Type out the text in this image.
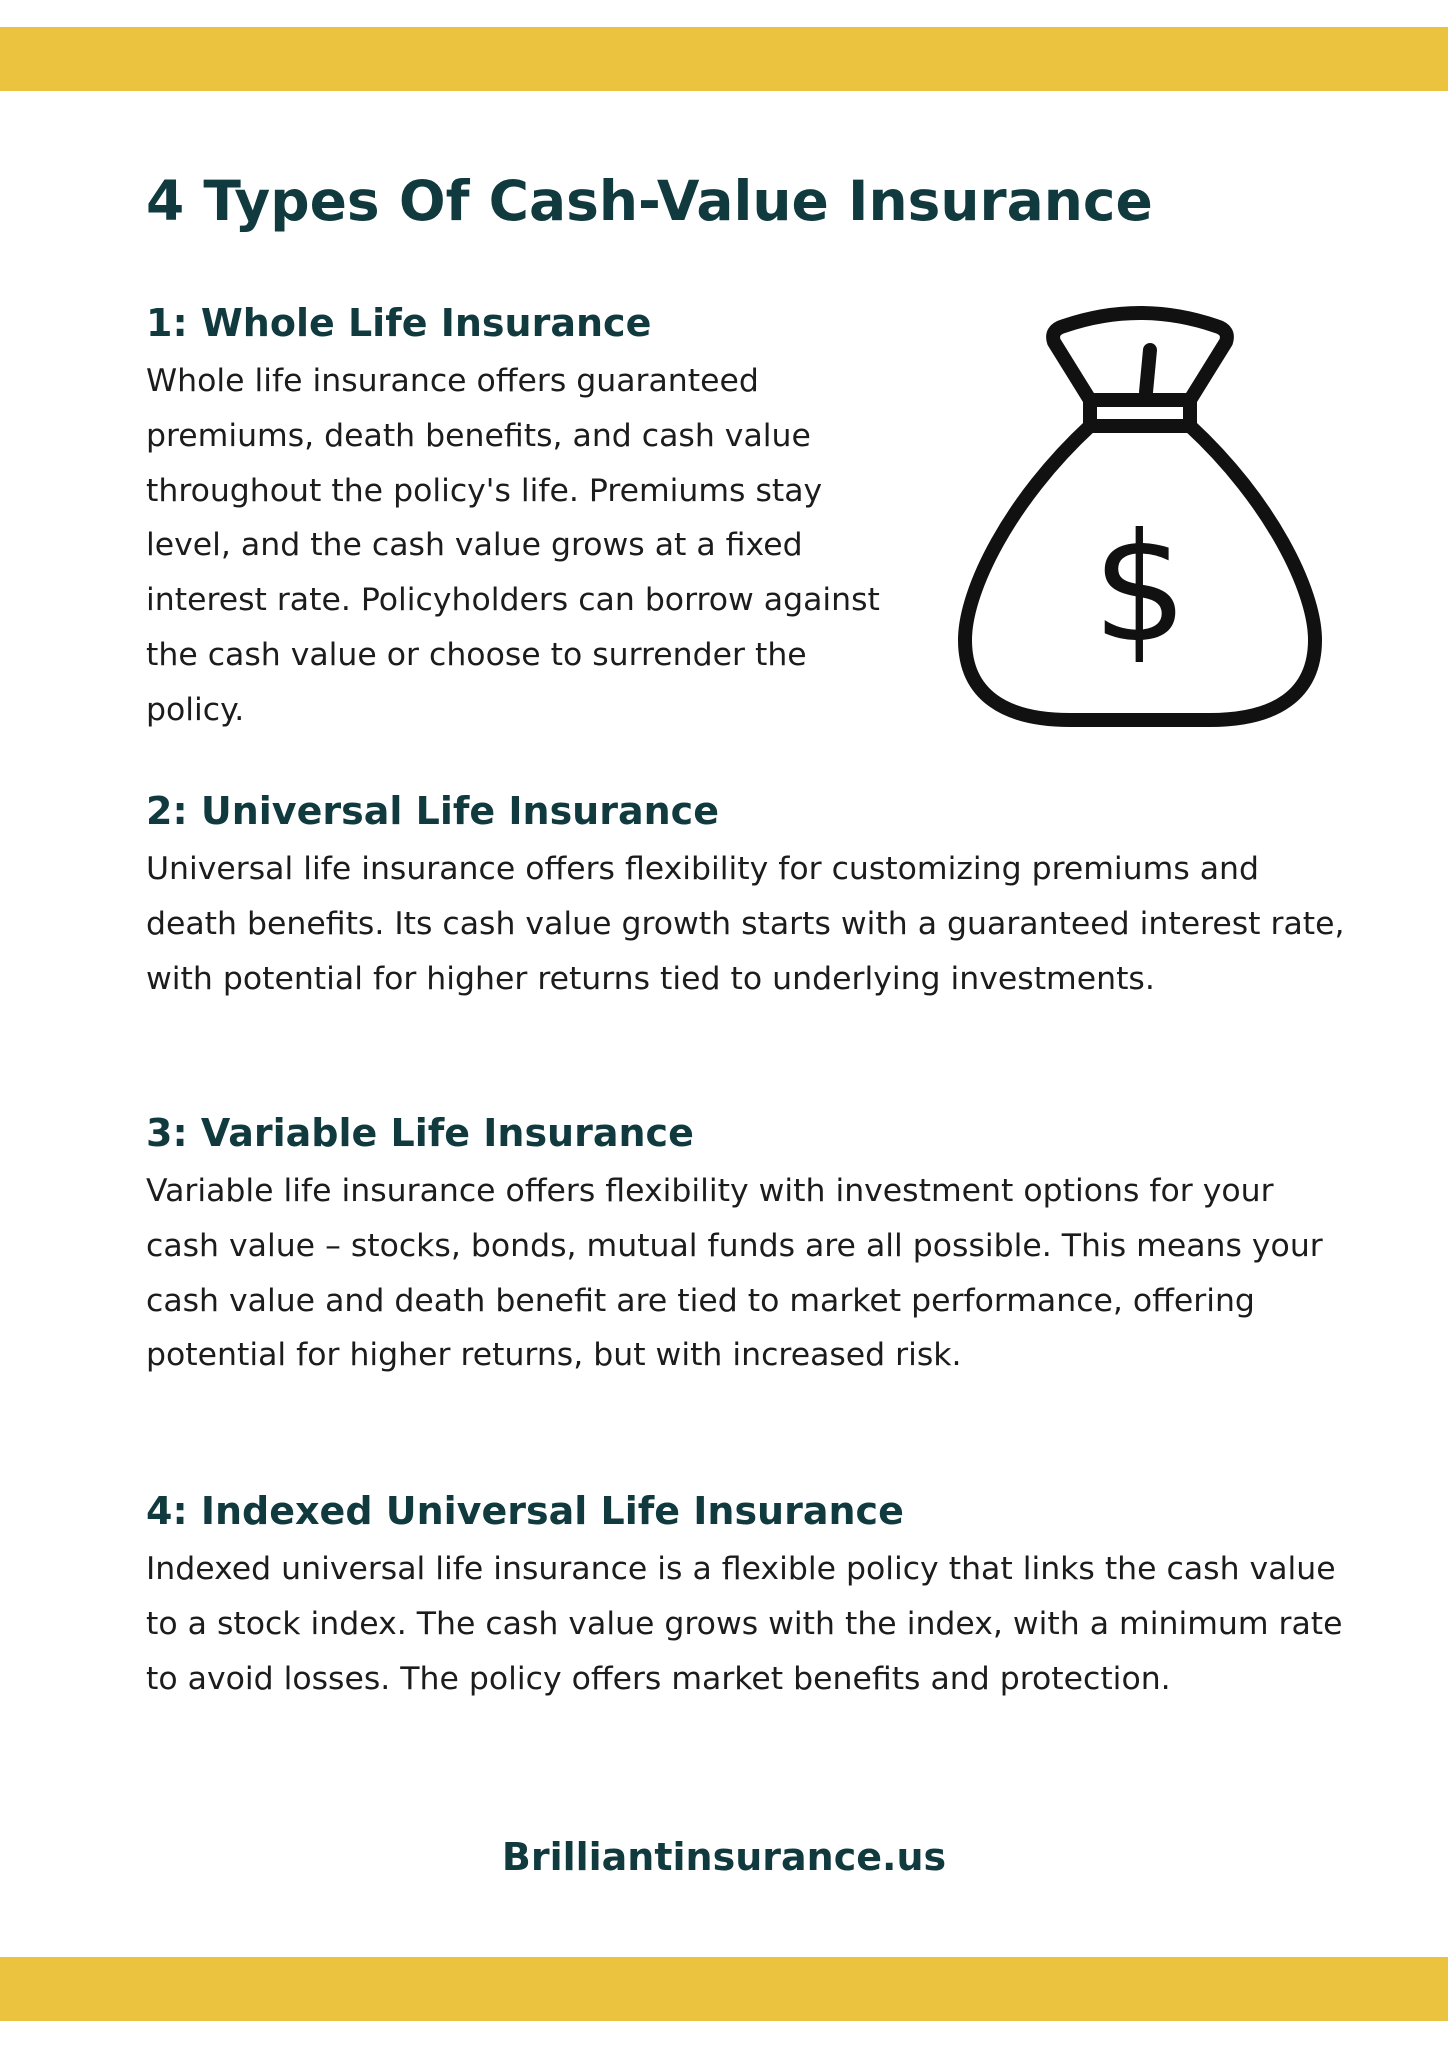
4 Types Of Cash-Value Insurance
1: Whole Life Insurance

Whole life insurance offers guaranteed premiums, death benefits, and cash value throughout the policy's life. Premiums stay level, and the cash value grows at a fixed interest rate. Policyholders can borrow against the cash value or choose to surrender the policy.

$
2: Universal Life Insurance

Universal life insurance offers flexibility for customizing premiums and death benefits. Its cash value growth starts with a guaranteed interest rate, with potential for higher returns tied to underlying investments.

3: Variable Life Insurance

Variable life insurance offers flexibility with investment options for your cash value – stocks, bonds, mutual funds are all possible. This means your cash value and death benefit are tied to market performance, offering potential for higher returns, but with increased risk.

4: Indexed Universal Life Insurance

Indexed universal life insurance is a flexible policy that links the cash value to a stock index. The cash value grows with the index, with a minimum rate to avoid losses. The policy offers market benefits and protection.

Brilliantinsurance.us
